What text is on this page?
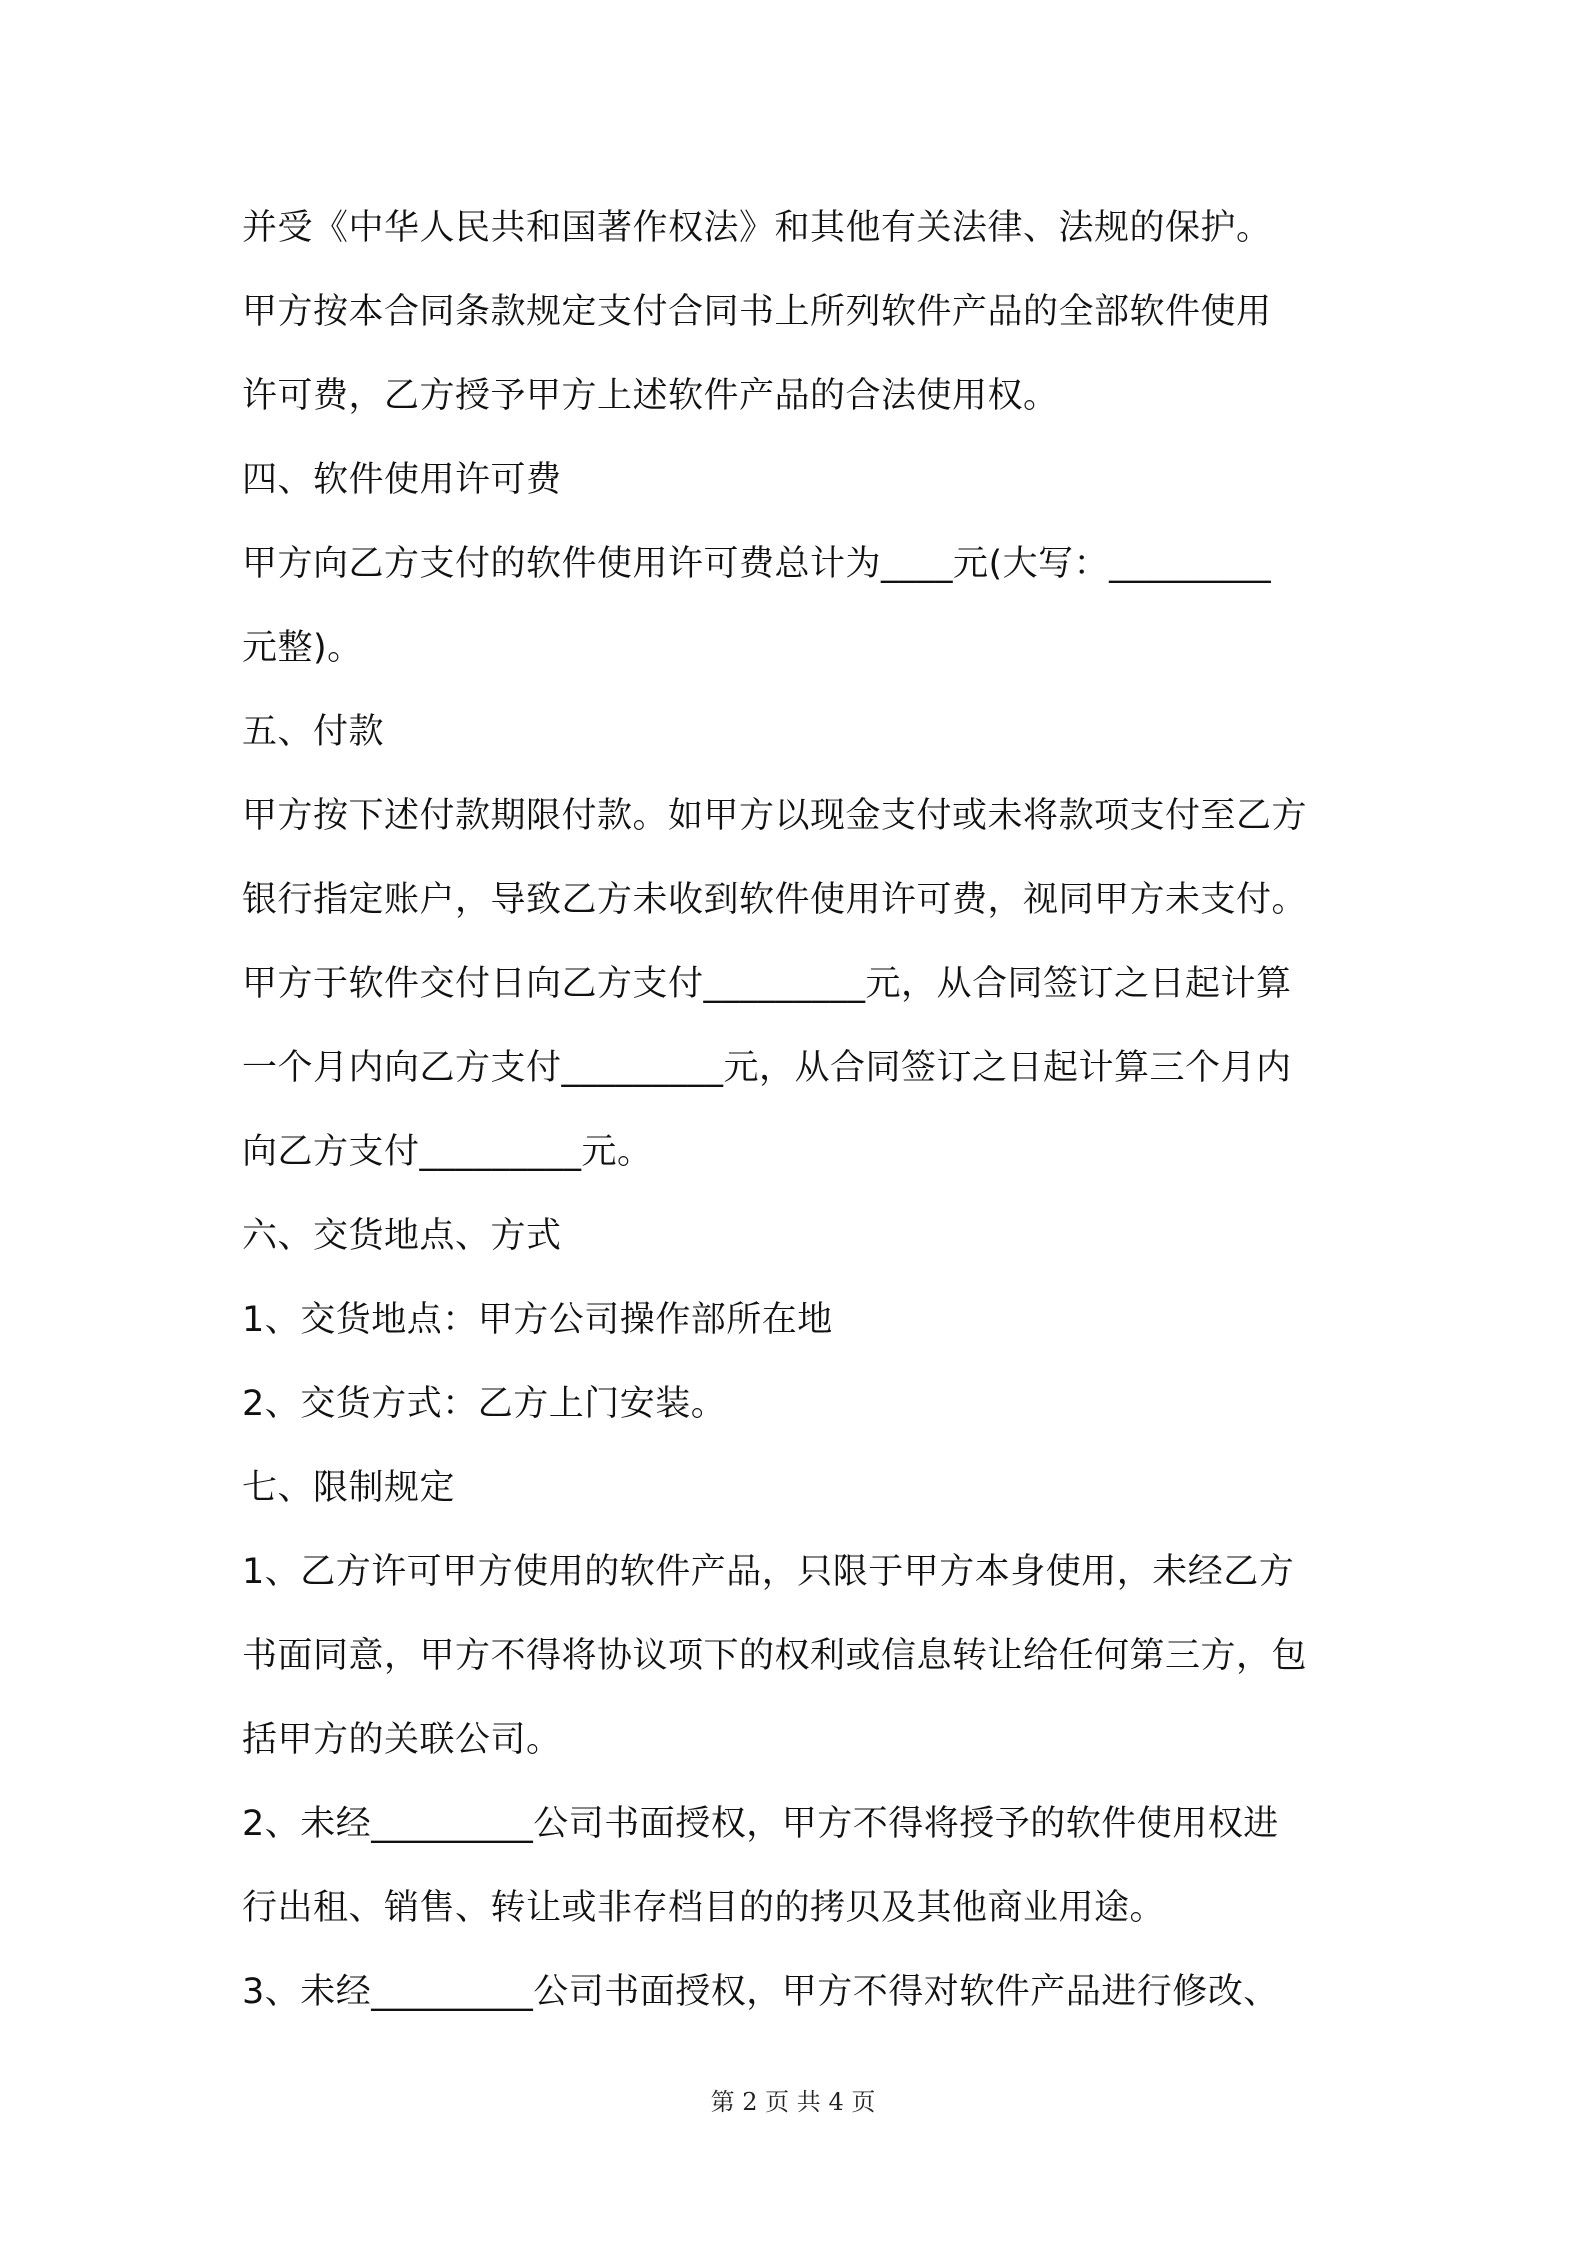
并受《中华人民共和国著作权法》和其他有关法律、法规的保护。
甲方按本合同条款规定支付合同书上所列软件产品的全部软件使用
许可费，乙方授予甲方上述软件产品的合法使用权。
四、软件使用许可费
甲方向乙方支付的软件使用许可费总计为____元(大写：_________
元整)。
五、付款
甲方按下述付款期限付款。如甲方以现金支付或未将款项支付至乙方
银行指定账户，导致乙方未收到软件使用许可费，视同甲方未支付。
甲方于软件交付日向乙方支付_________元，从合同签订之日起计算
一个月内向乙方支付_________元，从合同签订之日起计算三个月内
向乙方支付_________元。
六、交货地点、方式
1、交货地点：甲方公司操作部所在地
2、交货方式：乙方上门安装。
七、限制规定
1、乙方许可甲方使用的软件产品，只限于甲方本身使用，未经乙方
书面同意，甲方不得将协议项下的权利或信息转让给任何第三方，包
括甲方的关联公司。
2、未经_________公司书面授权，甲方不得将授予的软件使用权进
行出租、销售、转让或非存档目的的拷贝及其他商业用途。
3、未经_________公司书面授权，甲方不得对软件产品进行修改、
第 2 页 共 4 页
